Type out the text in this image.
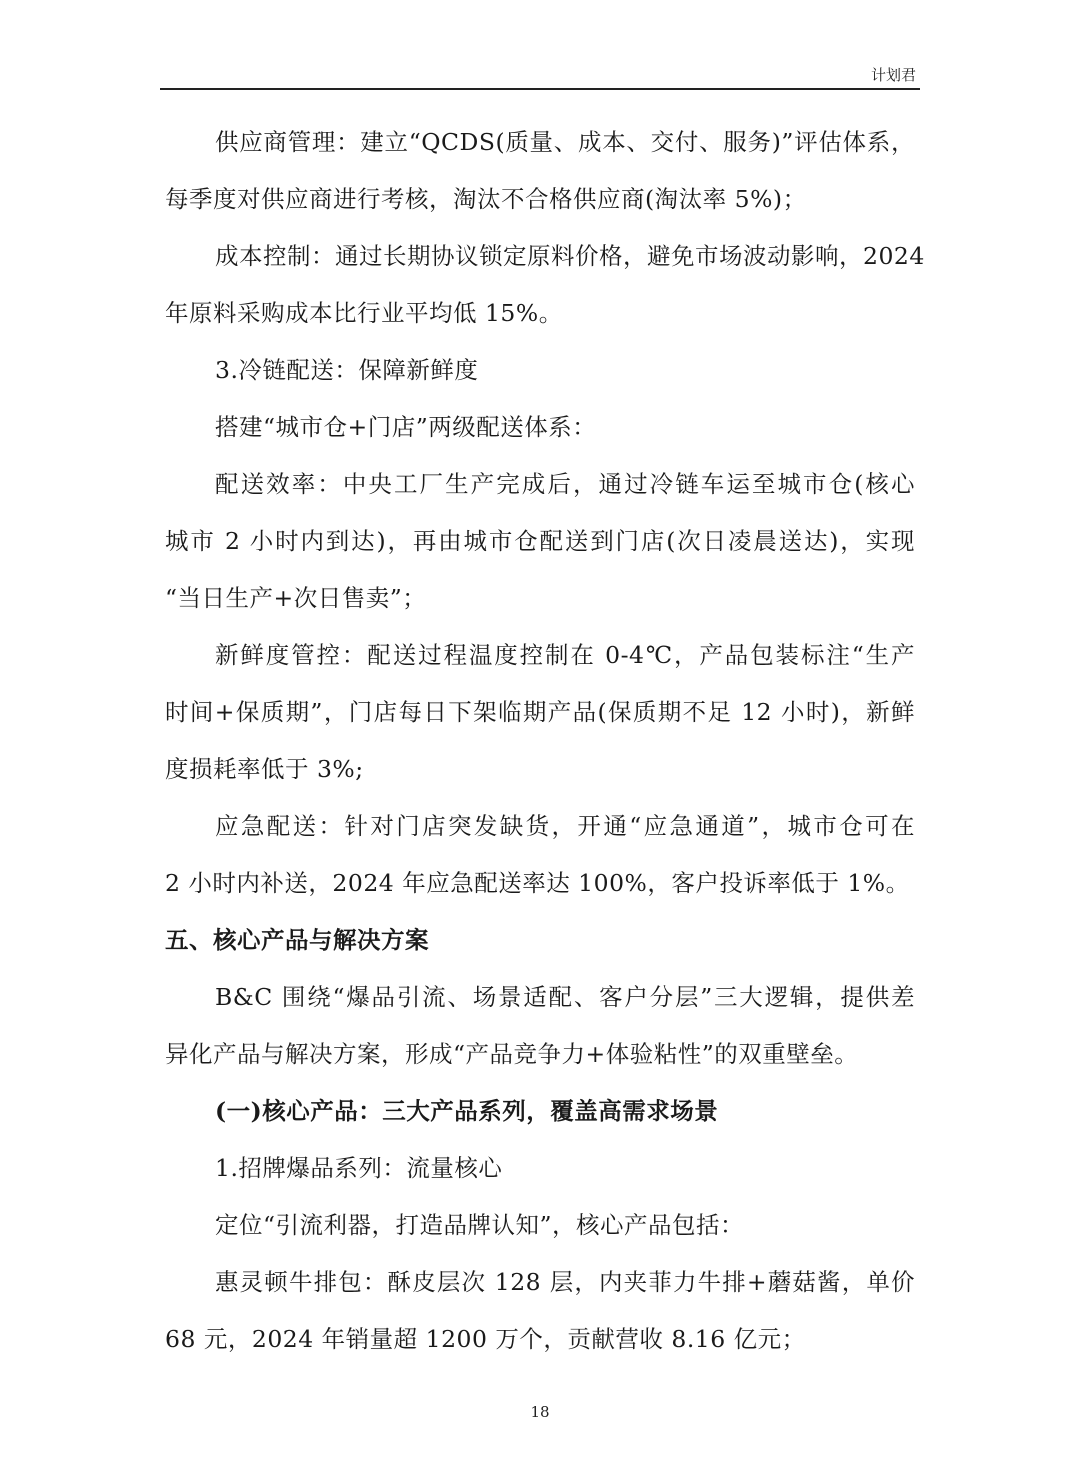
计划君
供应商管理：建立“QCDS(质量、成本、交付、服务)”评估体系，
每季度对供应商进行考核，淘汰不合格供应商(淘汰率 5%)；
成本控制：通过长期协议锁定原料价格，避免市场波动影响，2024
年原料采购成本比行业平均低 15%。
3.冷链配送：保障新鲜度
搭建“城市仓+门店”两级配送体系：
配送效率：中央工厂生产完成后，通过冷链车运至城市仓(核心
城市 2 小时内到达)，再由城市仓配送到门店(次日凌晨送达)，实现
“当日生产+次日售卖”；
新鲜度管控：配送过程温度控制在 0-4℃，产品包装标注“生产
时间+保质期”，门店每日下架临期产品(保质期不足 12 小时)，新鲜
度损耗率低于 3%;
应急配送：针对门店突发缺货，开通“应急通道”，城市仓可在
2 小时内补送，2024 年应急配送率达 100%，客户投诉率低于 1%。
五、核心产品与解决方案
B&C 围绕“爆品引流、场景适配、客户分层”三大逻辑，提供差
异化产品与解决方案，形成“产品竞争力+体验粘性”的双重壁垒。
(一)核心产品：三大产品系列，覆盖高需求场景
1.招牌爆品系列：流量核心
定位“引流利器，打造品牌认知”，核心产品包括：
惠灵顿牛排包：酥皮层次 128 层，内夹菲力牛排+蘑菇酱，单价
68 元，2024 年销量超 1200 万个，贡献营收 8.16 亿元；
18
